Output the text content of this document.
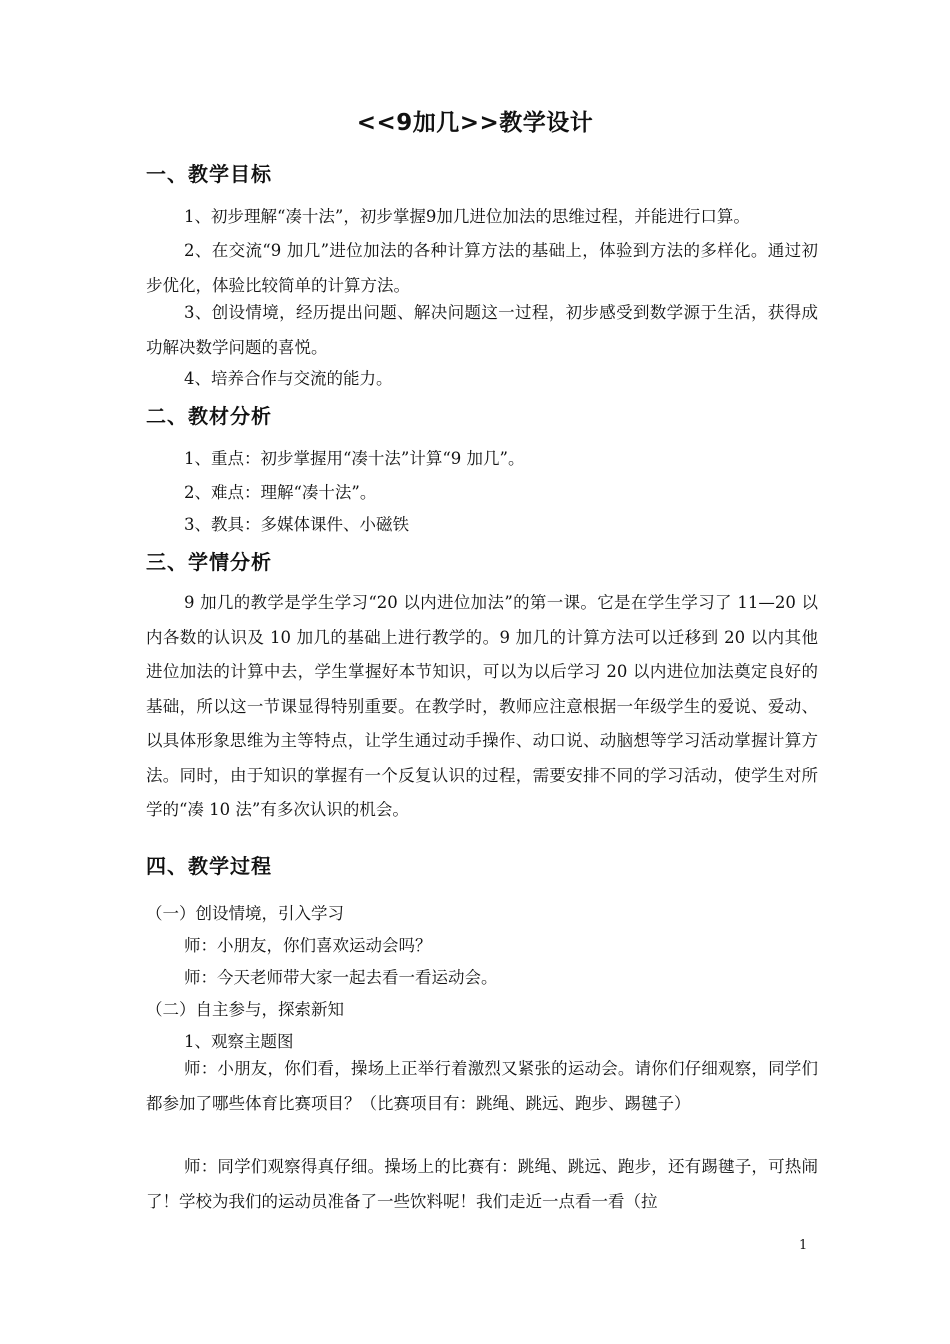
<<9加几>>教学设计
一、教学目标

1、初步理解“凑十法”，初步掌握9加几进位加法的思维过程，并能进行口算。

2、在交流“9 加几”进位加法的各种计算方法的基础上，体验到方法的多样化。通过初步优化，体验比较简单的计算方法。

3、创设情境，经历提出问题、解决问题这一过程，初步感受到数学源于生活，获得成功解决数学问题的喜悦。

4、培养合作与交流的能力。

二、教材分析

1、重点：初步掌握用“凑十法”计算“9 加几”。

2、难点：理解“凑十法”。

3、教具：多媒体课件、小磁铁

三、学情分析

9 加几的教学是学生学习“20 以内进位加法”的第一课。它是在学生学习了 11—20 以内各数的认识及 10 加几的基础上进行教学的。9 加几的计算方法可以迁移到 20 以内其他进位加法的计算中去，学生掌握好本节知识，可以为以后学习 20 以内进位加法奠定良好的基础，所以这一节课显得特别重要。在教学时，教师应注意根据一年级学生的爱说、爱动、以具体形象思维为主等特点，让学生通过动手操作、动口说、动脑想等学习活动掌握计算方法。同时，由于知识的掌握有一个反复认识的过程，需要安排不同的学习活动，使学生对所学的“凑 10 法”有多次认识的机会。

四、教学过程
（一）创设情境，引入学习
师：小朋友，你们喜欢运动会吗？
师：今天老师带大家一起去看一看运动会。
（二）自主参与，探索新知
1、观察主题图

师：小朋友，你们看，操场上正举行着激烈又紧张的运动会。请你们仔细观察，同学们都参加了哪些体育比赛项目？（比赛项目有：跳绳、跳远、跑步、踢毽子）

师：同学们观察得真仔细。操场上的比赛有：跳绳、跳远、跑步，还有踢毽子，可热闹了！学校为我们的运动员准备了一些饮料呢！我们走近一点看一看（拉

1
